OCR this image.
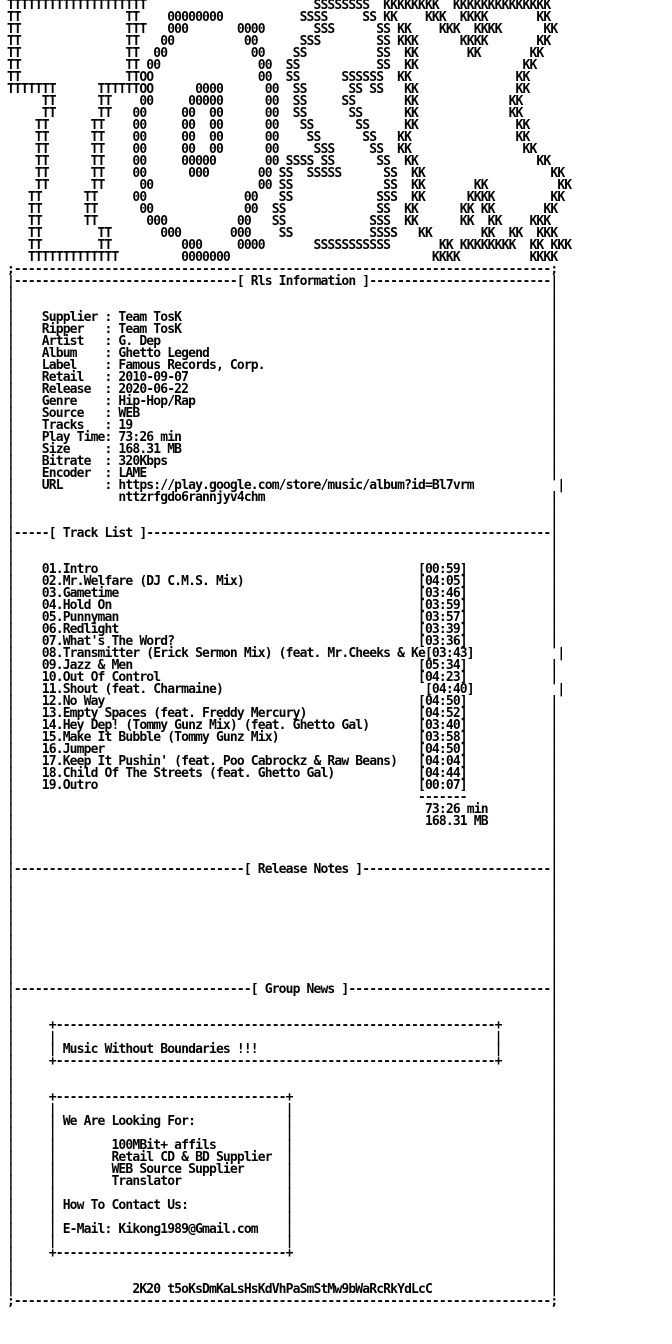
TTTTTTTTTTTTTTTTTTTT                        SSSSSSSS  KKKKKKKK  KKKKKKKKKKKKKK
TT               TT    00000000           SSSS     SS KK    KKK  KKKK       KK
TT               TTT   000       0000       SSS      SS KK    KKK  KKKK      KK
TT               TT   00          00      SSS        SS KKK      KKKK       KK
TT               TT  00            00    SS          SS  KK       KK       KK
TT               TT 00              00  SS           SS  KK               KK
TT               TTOO               00  SS      SSSSSS  KK               KK
TTTTTTT      TTTTTTOO      0000      00  SS      SS SS   KK              KK
TT      TT    00     00000      00  SS     SS       KK             KK
TT      TT   00     00  00      00  SS      SS      KK             KK
TT      TT    00     00  00      00   SS      SS     KK              KK
TT      TT    00     00  00      00    SS      SS   KK               KK
TT      TT    00     00  00      00     SSS     SS  KK                KK
TT      TT    00     00000       00 SSSS SS      SS  KK                 KK
TT      TT    00      000       00 SS  SSSSS      SS  KK                  KK
TT      TT     00               00 SS             SS  KK       KK          KK
TT      TT     00              00   SS            SSS  KK      KKKK        KK
TT      TT      00             00  SS             SS  KK      KK KK       KK
TT      TT       000          00   SS            SSS  KK      KK  KK    KKK
TT        TT       000       000    SS           SSSS   KK       KK  KK  KKK
TT        TT          000     0000       SSSSSSSSSSS       KK KKKKKKKK  KK KKK
TTTTTTTTTTTTT         0000000                             KKKK          KKKK
;-----------------------------------------------------------------------------;
|--------------------------------[ Rls Information ]--------------------------|
|                                                                             |
|                                                                             |
|    Supplier : Team TosK                                                     |
|    Ripper   : Team TosK                                                     |
|    Artist   : G. Dep                                                        |
|    Album    : Ghetto Legend                                                 |
|    Label    : Famous Records, Corp.                                         |
|    Retail   : 2010-09-07                                                    |
|    Release  : 2020-06-22                                                    |
|    Genre    : Hip-Hop/Rap                                                   |
|    Source   : WEB                                                           |
|    Tracks   : 19                                                            |
|    Play Time: 73:26 min                                                     |
|    Size     : 168.31 MB                                                     |
|    Bitrate  : 320Kbps                                                       |
|    Encoder  : LAME                                                          |
|    URL      : https://play.google.com/store/music/album?id=Bl7vrm            |
|               nttzrfgdo6rannjyv4chm                                         |
|                                                                             |
|                                                                             |
|-----[ Track List ]----------------------------------------------------------|
|                                                                             |
|                                                                             |
|    01.Intro                                              [00:59]            |
|    02.Mr.Welfare (DJ C.M.S. Mix)                         [04:05]            |
|    03.Gametime                                           [03:46]            |
|    04.Hold On                                            [03:59]            |
|    05.Punnyman                                           [03:57]            |
|    06.Redlight                                           [03:39]            |
|    07.What's The Word?                                   [03:36]            |
|    08.Transmitter (Erick Sermon Mix) (feat. Mr.Cheeks & Ke[03:43]            |
|    09.Jazz & Men                                         [05:34]            |
|    10.Out Of Control                                     [04:23]            |
|    11.Shout (feat. Charmaine)                             [04:40]            |
|    12.No Way                                             [04:50]            |
|    13.Empty Spaces (feat. Freddy Mercury)                [04:52]            |
|    14.Hey Dep! (Tommy Gunz Mix) (feat. Ghetto Gal)       [03:40]            |
|    15.Make It Bubble (Tommy Gunz Mix)                    [03:58]            |
|    16.Jumper                                             [04:50]            |
|    17.Keep It Pushin' (feat. Poo Cabrockz & Raw Beans)   [04:04]            |
|    18.Child Of The Streets (feat. Ghetto Gal)            [04:44]            |
|    19.Outro                                              [00:07]            |
|                                                          -------            |
|                                                           73:26 min         |
|                                                           168.31 MB         |
|                                                                             |
|                                                                             |
|                                                                             |
|---------------------------------[ Release Notes ]---------------------------|
|                                                                             |
|                                                                             |
|                                                                             |
|                                                                             |
|                                                                             |
|                                                                             |
|                                                                             |
|                                                                             |
|                                                                             |
|----------------------------------[ Group News ]-----------------------------|
|                                                                             |
|                                                                             |
|     +---------------------------------------------------------------+       |
|     |                                                               |       |
|     | Music Without Boundaries !!!                                  |       |
|     +---------------------------------------------------------------+       |
|                                                                             |
|                                                                             |
|     +---------------------------------+                                     |
|     |                                 |                                     |
|     | We Are Looking For:             |                                     |
|     |                                 |                                     |
|     |        100MBit+ affils          |                                     |
|     |        Retail CD & BD Supplier  |                                     |
|     |        WEB Source Supplier      |                                     |
|     |        Translator               |                                     |
|     |                                 |                                     |
|     | How To Contact Us:              |                                     |
|     |                                 |                                     |
|     | E-Mail: Kikong1989@Gmail.com    |                                     |
|     |                                 |                                     |
|     +---------------------------------+                                     |
|                                                                             |
|                                                                             |
|                 2K20 t5oKsDmKaLsHsKdVhPaSmStMw9bWaRcRkYdLcC                 |
;-----------------------------------------------------------------------------;
